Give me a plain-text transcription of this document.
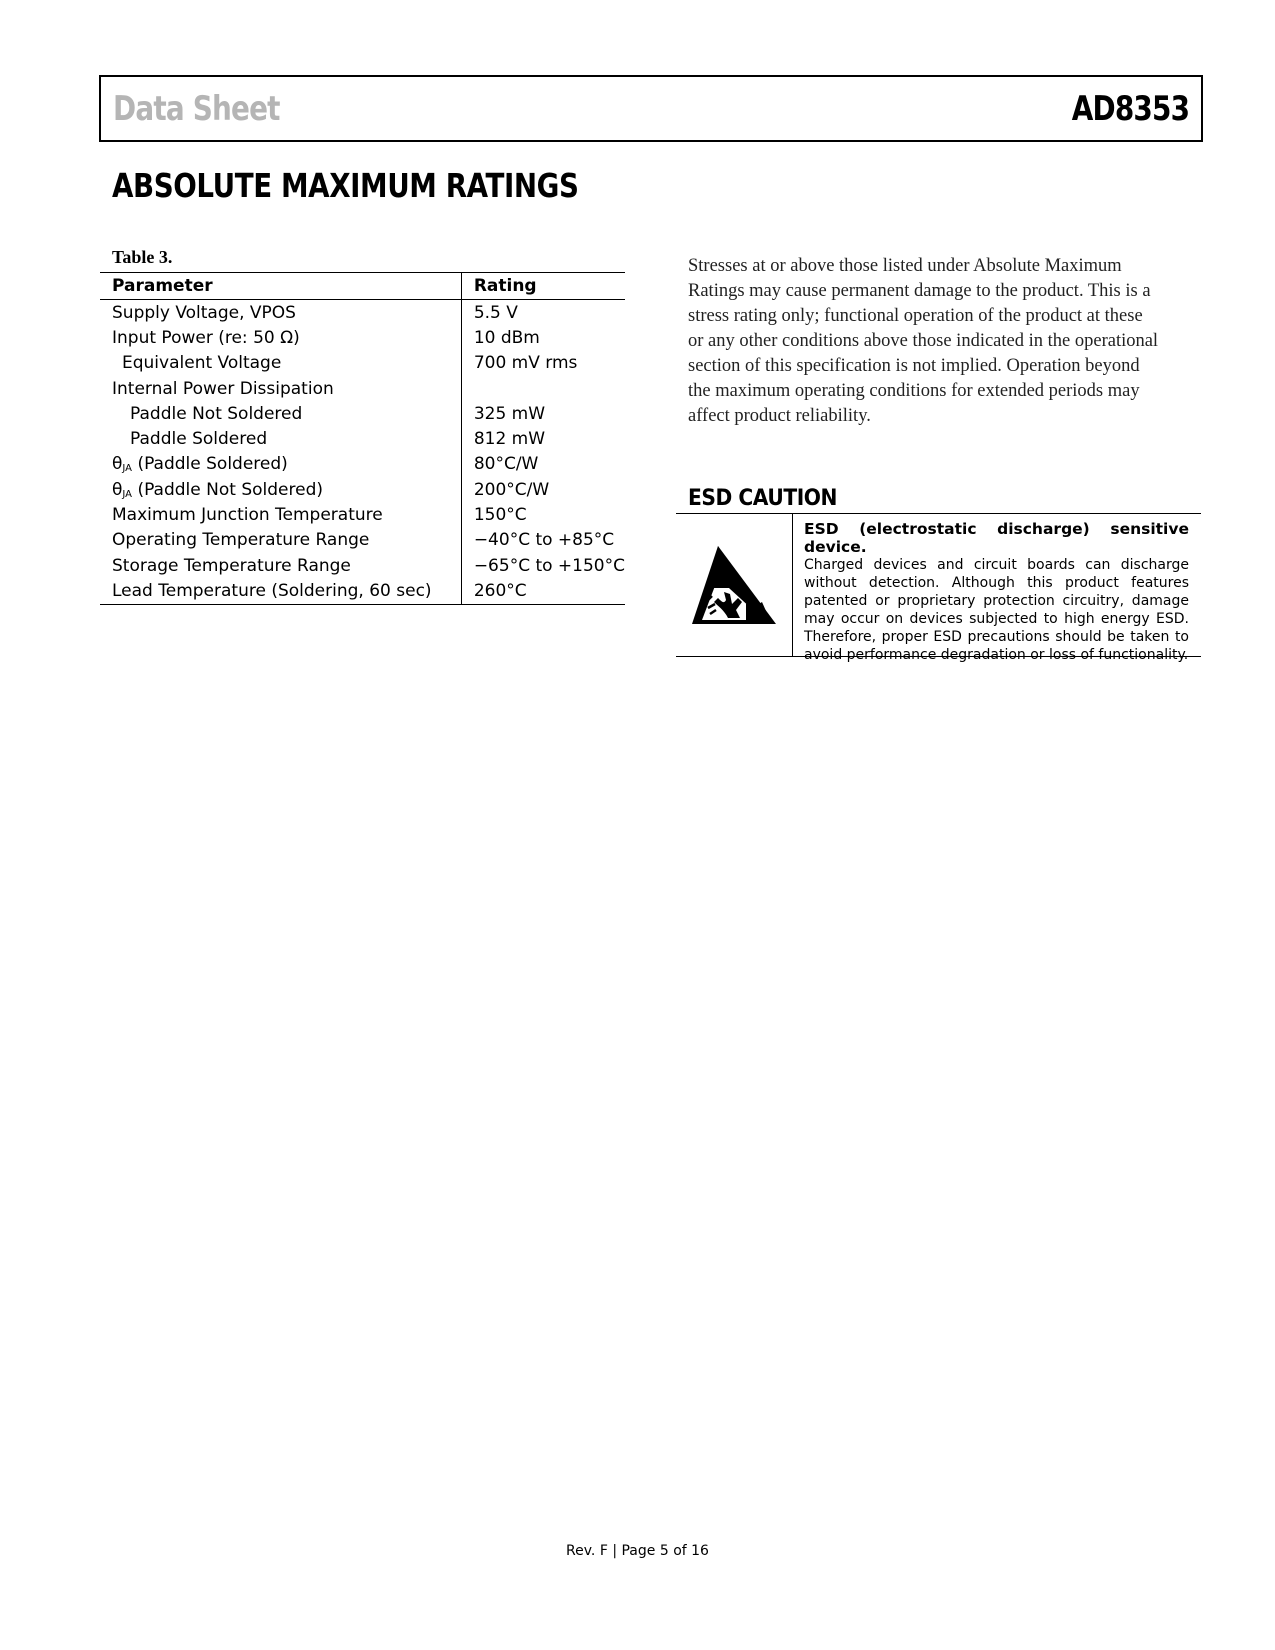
Data Sheet	AD8353
ABSOLUTE MAXIMUM RATINGS
Table 3.
Parameter	Rating
Supply Voltage, VPOS	5.5 V
Input Power (re: 50 Ω)	10 dBm
Equivalent Voltage	700 mV rms
Internal Power Dissipation	
Paddle Not Soldered	325 mW
Paddle Soldered	812 mW
θJA (Paddle Soldered)	80°C/W
θJA (Paddle Not Soldered)	200°C/W
Maximum Junction Temperature	150°C
Operating Temperature Range	−40°C to +85°C
Storage Temperature Range	−65°C to +150°C
Lead Temperature (Soldering, 60 sec)	260°C
Stresses at or above those listed under Absolute Maximum
Ratings may cause permanent damage to the product. This is a
stress rating only; functional operation of the product at these
or any other conditions above those indicated in the operational
section of this specification is not implied. Operation beyond
the maximum operating conditions for extended periods may
affect product reliability.
ESD CAUTION
ESD (electrostatic discharge) sensitive device.
Charged devices and circuit boards can discharge without detection. Although this product features patented or proprietary protection circuitry, damage may occur on devices subjected to high energy ESD. Therefore, proper ESD precautions should be taken to avoid performance degradation or loss of functionality.
Rev. F | Page 5 of 16
